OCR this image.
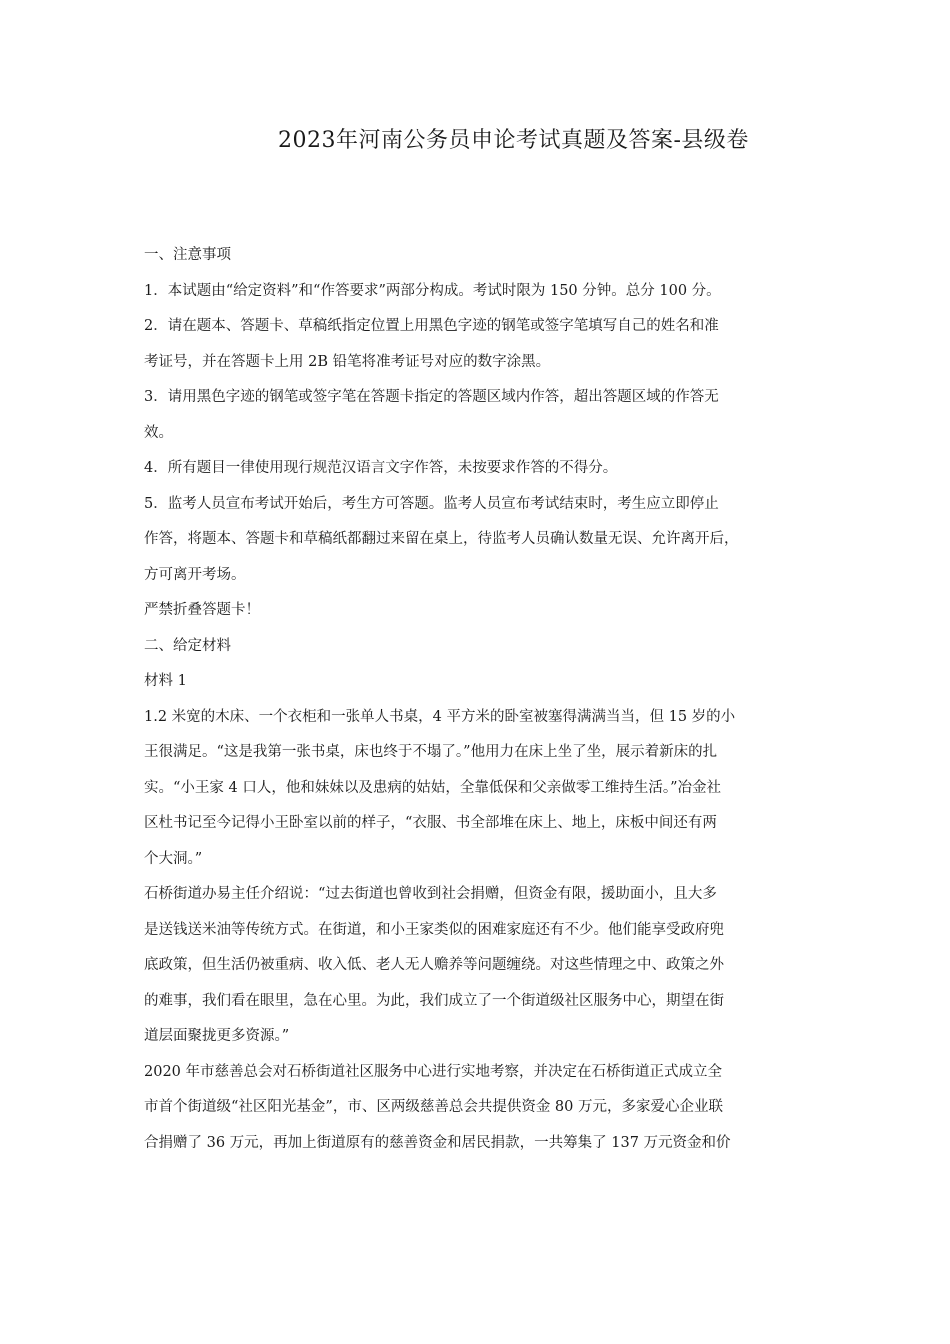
2023年河南公务员申论考试真题及答案-县级卷
一、注意事项
1．本试题由“给定资料”和“作答要求”两部分构成。考试时限为 150 分钟。总分 100 分。
2．请在题本、答题卡、草稿纸指定位置上用黑色字迹的钢笔或签字笔填写自己的姓名和准
考证号，并在答题卡上用 2B 铅笔将准考证号对应的数字涂黑。
3．请用黑色字迹的钢笔或签字笔在答题卡指定的答题区域内作答，超出答题区域的作答无
效。
4．所有题目一律使用现行规范汉语言文字作答，未按要求作答的不得分。
5．监考人员宣布考试开始后，考生方可答题。监考人员宣布考试结束时，考生应立即停止
作答，将题本、答题卡和草稿纸都翻过来留在桌上，待监考人员确认数量无误、允许离开后，
方可离开考场。
严禁折叠答题卡！
二、给定材料
材料 1
1.2 米宽的木床、一个衣柜和一张单人书桌，4 平方米的卧室被塞得满满当当，但 15 岁的小
王很满足。“这是我第一张书桌，床也终于不塌了。”他用力在床上坐了坐，展示着新床的扎
实。“小王家 4 口人，他和妹妹以及患病的姑姑，全靠低保和父亲做零工维持生活。”冶金社
区杜书记至今记得小王卧室以前的样子，“衣服、书全部堆在床上、地上，床板中间还有两
个大洞。”
石桥街道办易主任介绍说：“过去街道也曾收到社会捐赠，但资金有限，援助面小，且大多
是送钱送米油等传统方式。在街道，和小王家类似的困难家庭还有不少。他们能享受政府兜
底政策，但生活仍被重病、收入低、老人无人赡养等问题缠绕。对这些情理之中、政策之外
的难事，我们看在眼里，急在心里。为此，我们成立了一个街道级社区服务中心，期望在街
道层面聚拢更多资源。”
2020 年市慈善总会对石桥街道社区服务中心进行实地考察，并决定在石桥街道正式成立全
市首个街道级“社区阳光基金”，市、区两级慈善总会共提供资金 80 万元，多家爱心企业联
合捐赠了 36 万元，再加上街道原有的慈善资金和居民捐款，一共筹集了 137 万元资金和价
